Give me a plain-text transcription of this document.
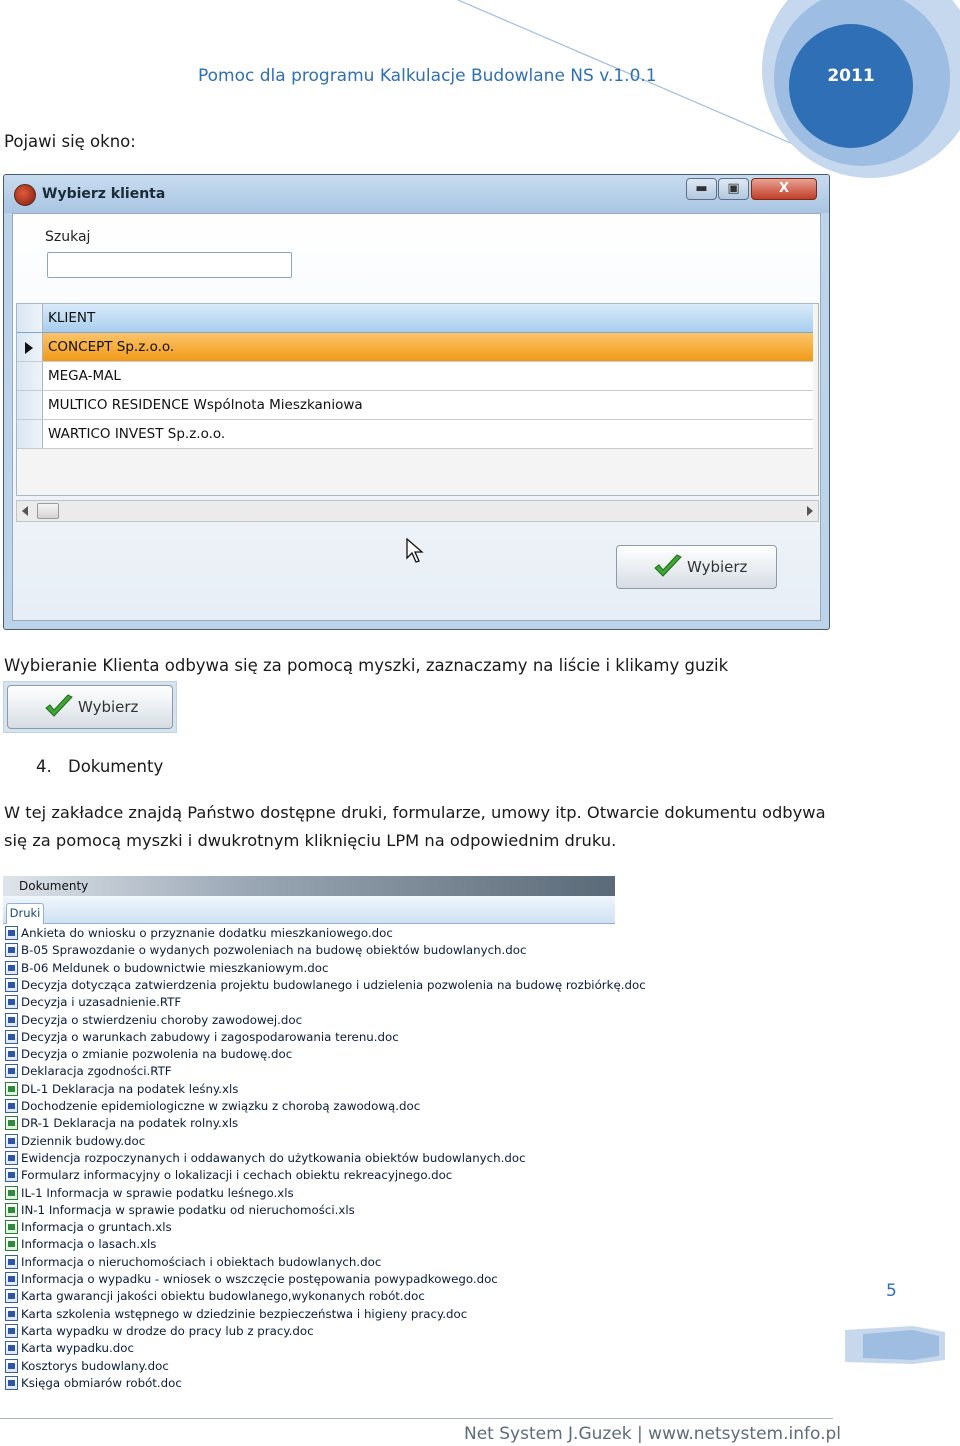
Pomoc dla programu Kalkulacje Budowlane NS v.1.0.1	2011
Pojawi się okno:
Wybierz klienta	▬	▣	X
Szukaj
KLIENT
CONCEPT Sp.z.o.o.
MEGA-MAL
MULTICO RESIDENCE Wspólnota Mieszkaniowa
WARTICO INVEST Sp.z.o.o.
Wybierz
Wybieranie Klienta odbywa się za pomocą myszki, zaznaczamy na liście i klikamy guzik
Wybierz
4. Dokumenty
W tej zakładce znajdą Państwo dostępne druki, formularze, umowy itp. Otwarcie dokumentu odbywa
się za pomocą myszki i dwukrotnym kliknięciu LPM na odpowiednim druku.
Dokumenty
Druki
Ankieta do wniosku o przyznanie dodatku mieszkaniowego.doc
B-05 Sprawozdanie o wydanych pozwoleniach na budowę obiektów budowlanych.doc
B-06 Meldunek o budownictwie mieszkaniowym.doc
Decyzja dotycząca zatwierdzenia projektu budowlanego i udzielenia pozwolenia na budowę rozbiórkę.doc
Decyzja i uzasadnienie.RTF
Decyzja o stwierdzeniu choroby zawodowej.doc
Decyzja o warunkach zabudowy i zagospodarowania terenu.doc
Decyzja o zmianie pozwolenia na budowę.doc
Deklaracja zgodności.RTF
DL-1 Deklaracja na podatek leśny.xls
Dochodzenie epidemiologiczne w związku z chorobą zawodową.doc
DR-1 Deklaracja na podatek rolny.xls
Dziennik budowy.doc
Ewidencja rozpoczynanych i oddawanych do użytkowania obiektów budowlanych.doc
Formularz informacyjny o lokalizacji i cechach obiektu rekreacyjnego.doc
IL-1 Informacja w sprawie podatku leśnego.xls
IN-1 Informacja w sprawie podatku od nieruchomości.xls
Informacja o gruntach.xls
Informacja o lasach.xls
Informacja o nieruchomościach i obiektach budowlanych.doc
Informacja o wypadku - wniosek o wszczęcie postępowania powypadkowego.doc
Karta gwarancji jakości obiektu budowlanego,wykonanych robót.doc
Karta szkolenia wstępnego w dziedzinie bezpieczeństwa i higieny pracy.doc
Karta wypadku w drodze do pracy lub z pracy.doc
Karta wypadku.doc
Kosztorys budowlany.doc
Księga obmiarów robót.doc
5
Net System J.Guzek | www.netsystem.info.pl
